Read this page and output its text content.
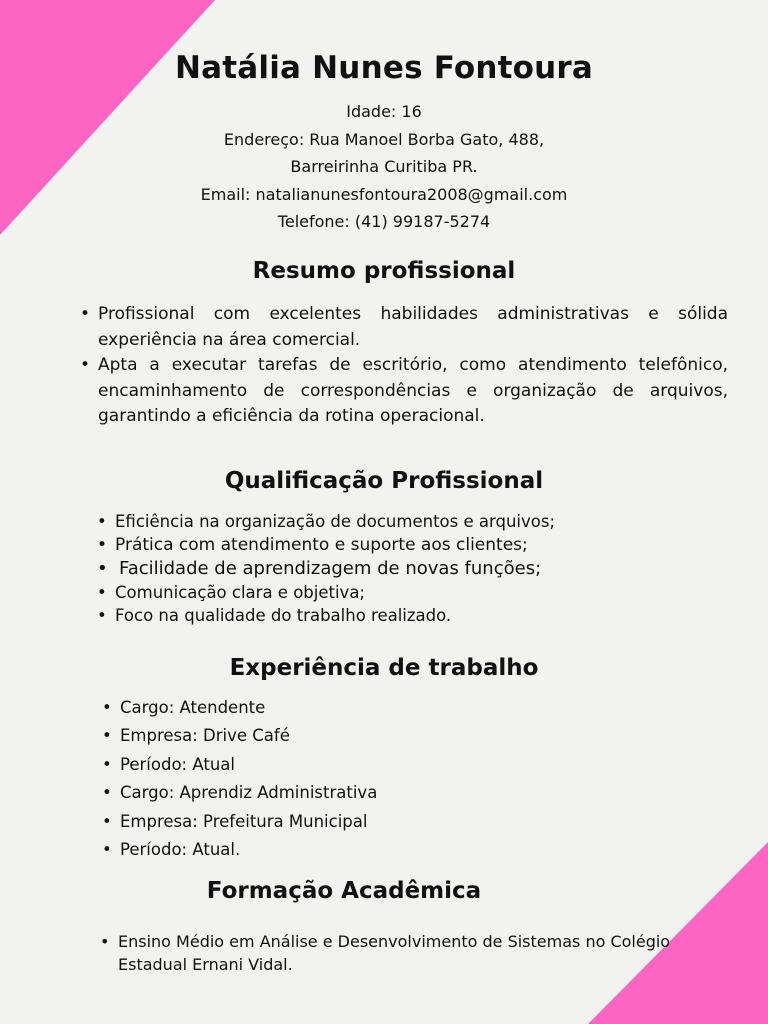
Natália Nunes Fontoura
Idade: 16
Endereço: Rua Manoel Borba Gato, 488,
Barreirinha Curitiba PR.
Email: natalianunesfontoura2008@gmail.com
Telefone: (41) 99187-5274
Resumo profissional
• Profissional com excelentes habilidades administrativas e sólida experiência na área comercial.
• Apta a executar tarefas de escritório, como atendimento telefônico, encaminhamento de correspondências e organização de arquivos, garantindo a eficiência da rotina operacional.
Qualificação Profissional
• Eficiência na organização de documentos e arquivos;
• Prática com atendimento e suporte aos clientes;
• Facilidade de aprendizagem de novas funções;
• Comunicação clara e objetiva;
• Foco na qualidade do trabalho realizado.
Experiência de trabalho
• Cargo: Atendente
• Empresa: Drive Café
• Período: Atual
• Cargo: Aprendiz Administrativa
• Empresa: Prefeitura Municipal
• Período: Atual.
Formação Acadêmica
• Ensino Médio em Análise e Desenvolvimento de Sistemas no Colégio Estadual Ernani Vidal.
